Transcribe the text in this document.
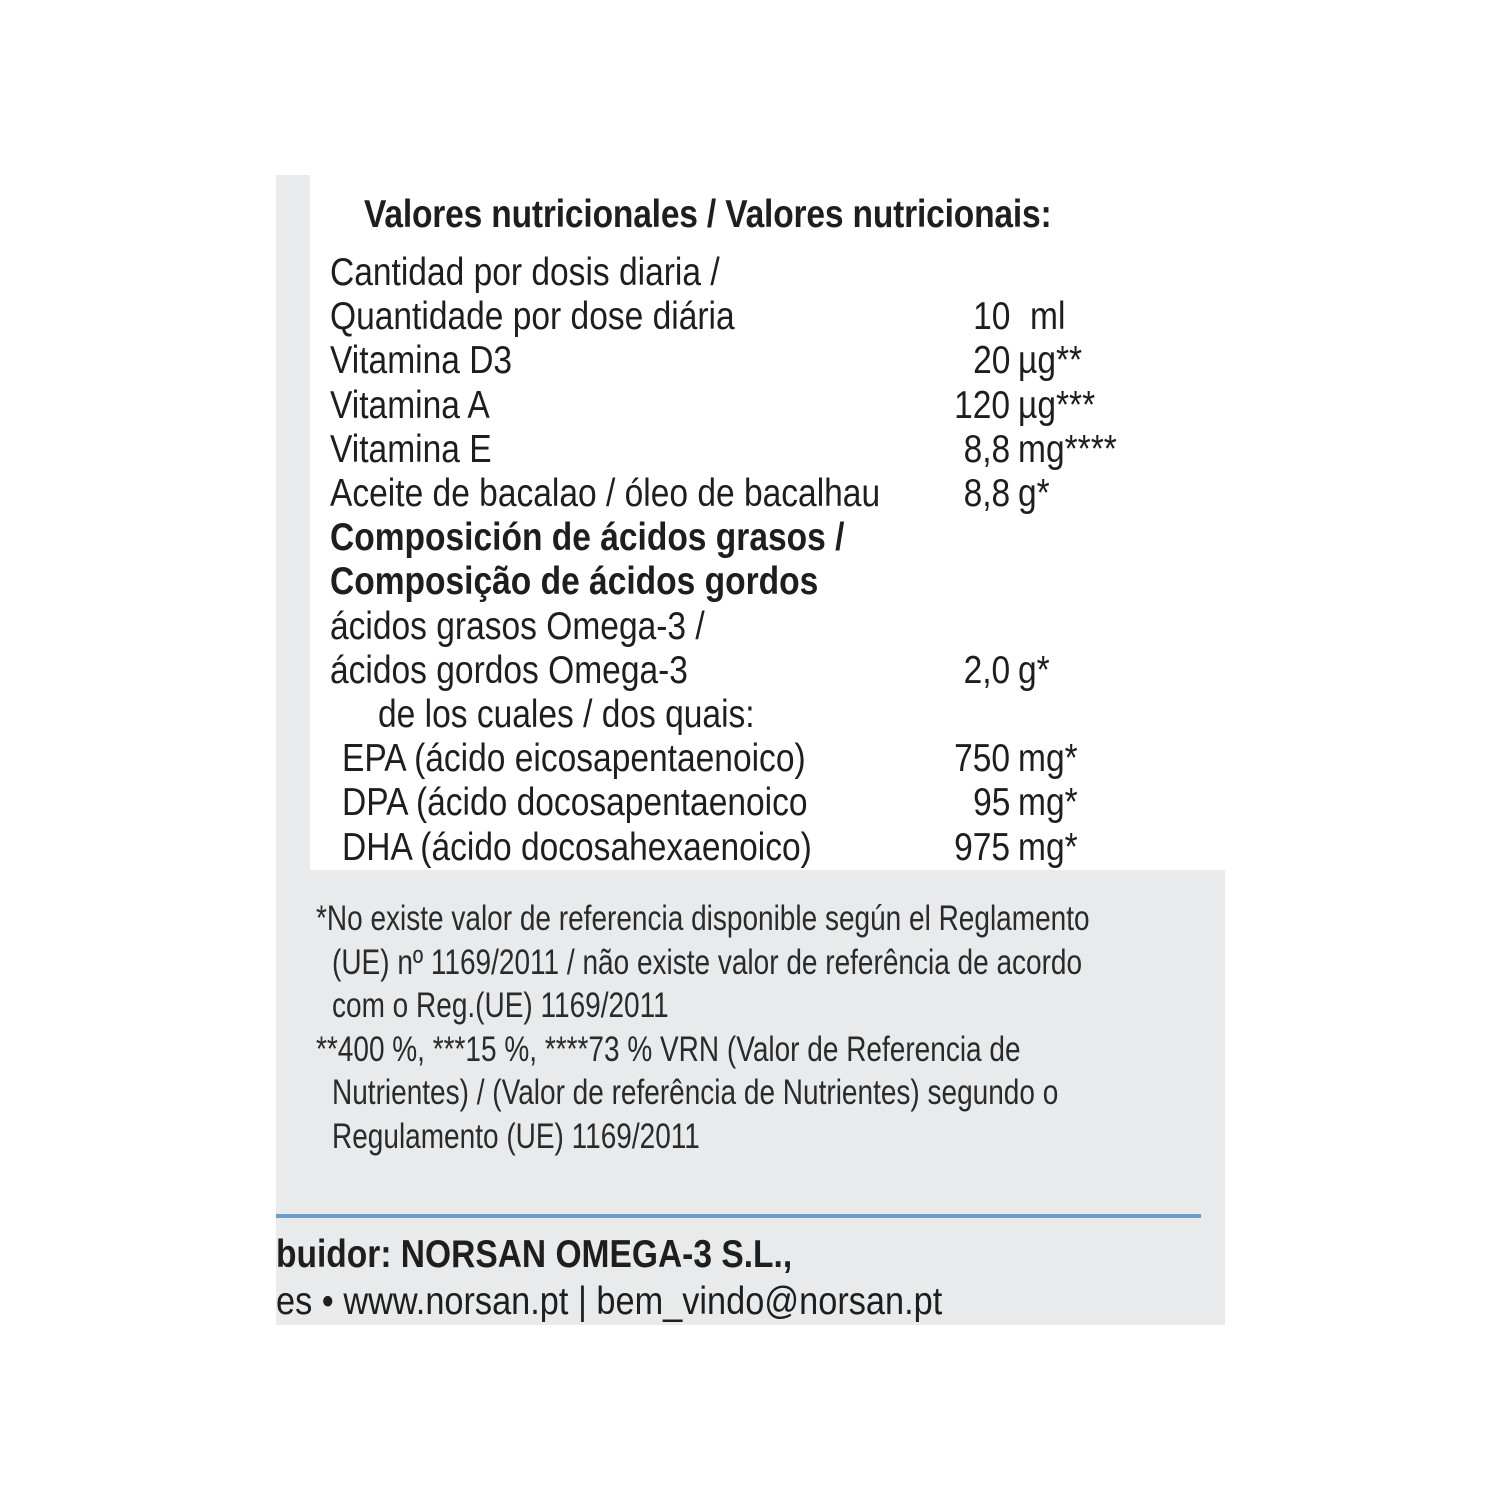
Valores nutricionales / Valores nutricionais:
Cantidad por dosis diaria /
Quantidade por dose diária	10 ml
Vitamina D3	20 µg**
Vitamina A	120 µg***
Vitamina E	8,8 mg****
Aceite de bacalao / óleo de bacalhau 8,8 g*
Composición de ácidos grasos /
Composição de ácidos gordos
ácidos grasos Omega-3 /
ácidos gordos Omega-3	2,0 g*
de los cuales / dos quais:
EPA (ácido eicosapentaenoico)	750 mg*
DPA (ácido docosapentaenoico	95 mg*
DHA (ácido docosahexaenoico)	975 mg*
*No existe valor de referencia disponible según el Reglamento
(UE) nº 1169/2011 / não existe valor de referência de acordo
com o Reg.(UE) 1169/2011
**400 %, ***15 %, ****73 % VRN (Valor de Referencia de
Nutrientes) / (Valor de referência de Nutrientes) segundo o
Regulamento (UE) 1169/2011
buidor: NORSAN OMEGA-3 S.L.,
es • www.norsan.pt | bem_vindo@norsan.pt
